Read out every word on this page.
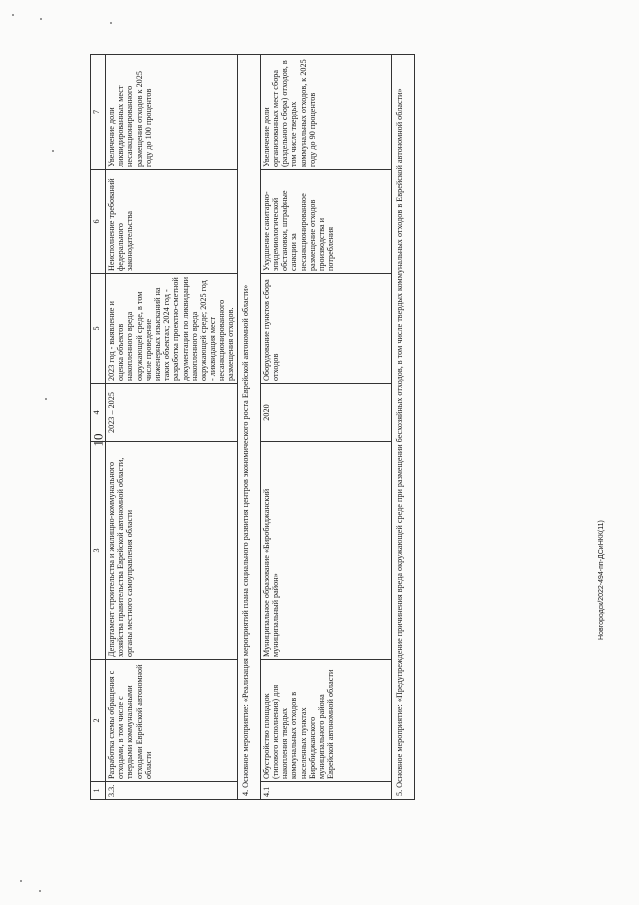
10
Новгородск/2022-494-пп-ДСиНКК(11)
1	2	3	4	5	6	7
3.3.	Разработка схемы обращения с отходами, в том числе с твердыми коммунальными отходами Еврейской автономной области	Департамент строительства и жилищно-коммунального хозяйства правительства Еврейской автономной области, органы местного самоуправления области	2023 – 2025	2023 год - выявление и оценка объектов накопленного вреда окружающей среде, в том числе проведение инженерных изысканий на таких объектах; 2024 год - разработка проектно-сметной документации по ликвидации накопленного вреда окружающей среде; 2025 год - ликвидация мест несанкционированного размещения отходов.	Неисполнение требований федерального законодательства	Увеличение доли ликвидированных мест несанкционированного размещения отходов к 2025 году до 100 процентов
4. Основное мероприятие: «Реализация мероприятий плана социального развития центров экономического роста Еврейской автономной области»						
4.1	Обустройство площадок (типового исполнения) для накопления твердых коммунальных отходов в населенных пунктах Биробиджанского муниципального района Еврейской автономной области	Муниципальное образование «Биробиджанский муниципальный район»	2020	Оборудование пунктов сбора отходов	Ухудшение санитарно-эпидемиологической обстановки, штрафные санкции за несанкционированное размещение отходов производства и потребления	Увеличение доли организованных мест сбора (раздельного сбора) отходов, в том числе твердых коммунальных отходов, к 2025 году до 90 процентов
5. Основное мероприятие: «Предупреждение причинения вреда окружающей среде при размещении бесхозяйных отходов, в том числе твердых коммунальных отходов в Еврейской автономной области»						
